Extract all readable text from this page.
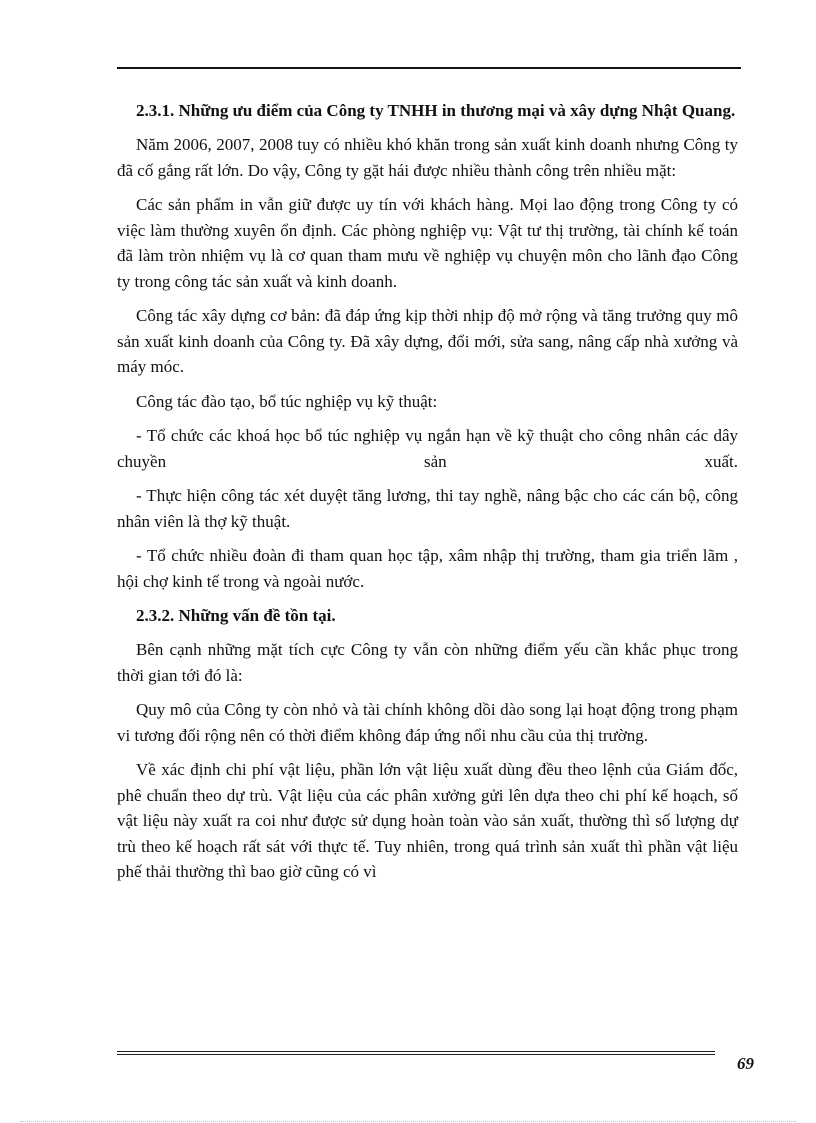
2.3.1. Những ưu điểm của Công ty TNHH in thương mại và xây dựng Nhật Quang.

Năm 2006, 2007, 2008 tuy có nhiều khó khăn trong sản xuất kinh doanh nhưng Công ty đã cố gắng rất lớn. Do vậy, Công ty gặt hái được nhiều thành công trên nhiều mặt:

Các sản phẩm in vẫn giữ được uy tín với khách hàng. Mọi lao động trong Công ty có việc làm thường xuyên ổn định. Các phòng nghiệp vụ: Vật tư thị trường, tài chính kế toán đã làm tròn nhiệm vụ là cơ quan tham mưu về nghiệp vụ chuyện môn cho lãnh đạo Công ty trong công tác sản xuất và kinh doanh.

Công tác xây dựng cơ bản: đã đáp ứng kịp thời nhịp độ mở rộng và tăng trưởng quy mô sản xuất kinh doanh của Công ty. Đã xây dựng, đổi mới, sửa sang, nâng cấp nhà xưởng và máy móc.

Công tác đào tạo, bổ túc nghiệp vụ kỹ thuật:

- Tổ chức các khoá học bổ túc nghiệp vụ ngắn hạn về kỹ thuật cho công nhân các dây chuyền sản xuất.

- Thực hiện công tác xét duyệt tăng lương, thi tay nghề, nâng bậc cho các cán bộ, công nhân viên là thợ kỹ thuật.

- Tổ chức nhiều đoàn đi tham quan học tập, xâm nhập thị trường, tham gia triển lãm , hội chợ kinh tế trong và ngoài nước.

2.3.2. Những vấn đề tồn tại.

Bên cạnh những mặt tích cực Công ty vẫn còn những điểm yếu cần khắc phục trong thời gian tới đó là:

Quy mô của Công ty còn nhỏ và tài chính không dồi dào song lại hoạt động trong phạm vi tương đối rộng nên có thời điểm không đáp ứng nổi nhu cầu của thị trường.

Về xác định chi phí vật liệu, phần lớn vật liệu xuất dùng đều theo lệnh của Giám đốc, phê chuẩn theo dự trù. Vật liệu của các phân xưởng gửi lên dựa theo chi phí kế hoạch, số vật liệu này xuất ra coi như được sử dụng hoàn toàn vào sản xuất, thường thì số lượng dự trù theo kế hoạch rất sát với thực tế. Tuy nhiên, trong quá trình sản xuất thì phần vật liệu phế thải thường thì bao giờ cũng có vì

69
